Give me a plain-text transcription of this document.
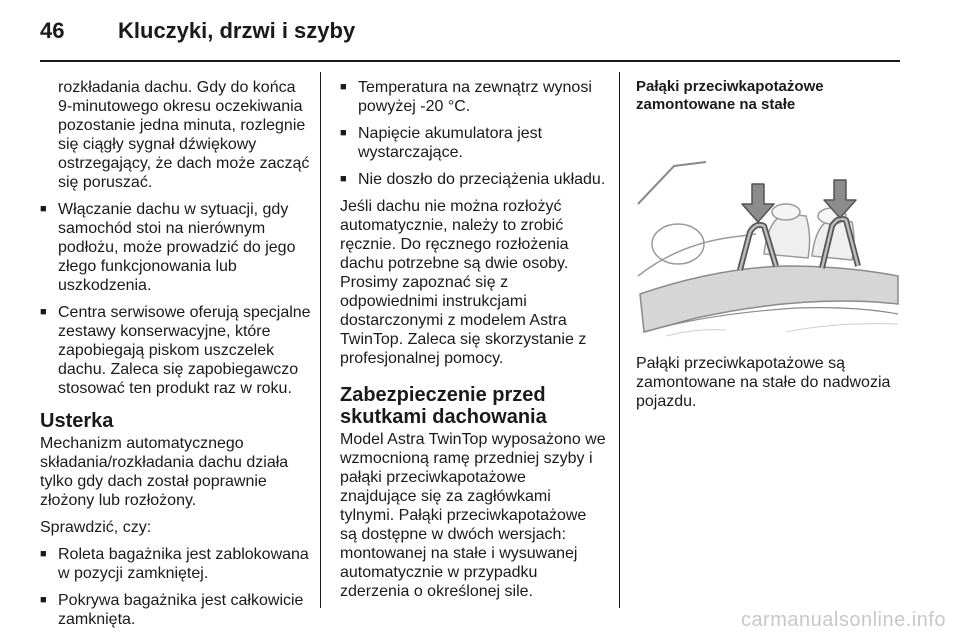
46 Kluczyki, drzwi i szyby

rozkładania dachu. Gdy do końca 9-minutowego okresu oczekiwania pozostanie jedna minuta, rozlegnie się ciągły sygnał dźwiękowy ostrzegający, że dach może zacząć się poruszać.

■ Włączanie dachu w sytuacji, gdy samochód stoi na nierównym podłożu, może prowadzić do jego złego funkcjonowania lub uszkodzenia.
■ Centra serwisowe oferują specjalne zestawy konserwacyjne, które zapobiegają piskom uszczelek dachu. Zaleca się zapobiegawczo stosować ten produkt raz w roku.
Usterka

Mechanizm automatycznego składania/rozkładania dachu działa tylko gdy dach został poprawnie złożony lub rozłożony.

Sprawdzić, czy:

■ Roleta bagażnika jest zablokowana w pozycji zamkniętej.
■ Pokrywa bagażnika jest całkowicie zamknięta.
■ Temperatura na zewnątrz wynosi powyżej -20 °C.
■ Napięcie akumulatora jest wystarczające.
■ Nie doszło do przeciążenia układu.

Jeśli dachu nie można rozłożyć automatycznie, należy to zrobić ręcznie. Do ręcznego rozłożenia dachu potrzebne są dwie osoby. Prosimy zapoznać się z odpowiednimi instrukcjami dostarczonymi z modelem Astra TwinTop. Zaleca się skorzystanie z profesjonalnej pomocy.

Zabezpieczenie przed skutkami dachowania

Model Astra TwinTop wyposażono we wzmocnioną ramę przedniej szyby i pałąki przeciwkapotażowe znajdujące się za zagłówkami tylnymi. Pałąki przeciwkapotażowe są dostępne w dwóch wersjach: montowanej na stałe i wysuwanej automatycznie w przypadku zderzenia o określonej sile.

Pałąki przeciwkapotażowe zamontowane na stałe

Pałąki przeciwkapotażowe są zamontowane na stałe do nadwozia pojazdu.

carmanualsonline.info
